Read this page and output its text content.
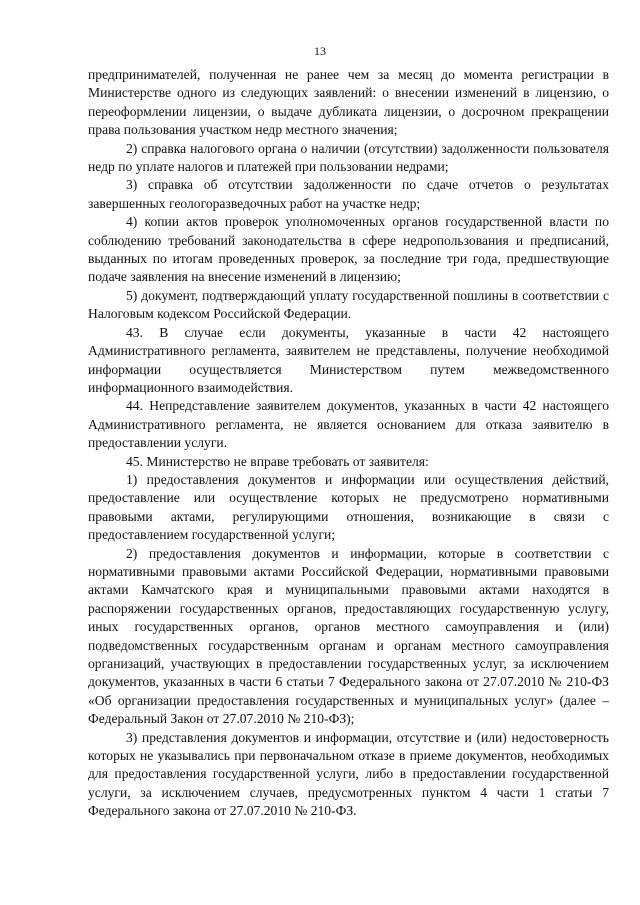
13

предпринимателей, полученная не ранее чем за месяц до момента регистрации в Министерстве одного из следующих заявлений: о внесении изменений в лицензию, о переоформлении лицензии, о выдаче дубликата лицензии, о досрочном прекращении права пользования участком недр местного значения;

2) справка налогового органа о наличии (отсутствии) задолженности пользователя недр по уплате налогов и платежей при пользовании недрами;

3) справка об отсутствии задолженности по сдаче отчетов о результатах завершенных геологоразведочных работ на участке недр;

4) копии актов проверок уполномоченных органов государственной власти по соблюдению требований законодательства в сфере недропользования и предписаний, выданных по итогам проведенных проверок, за последние три года, предшествующие подаче заявления на внесение изменений в лицензию;

5) документ, подтверждающий уплату государственной пошлины в соответствии с Налоговым кодексом Российской Федерации.

43. В случае если документы, указанные в части 42 настоящего Административного регламента, заявителем не представлены, получение необходимой информации осуществляется Министерством путем межведомственного информационного взаимодействия.

44. Непредставление заявителем документов, указанных в части 42 настоящего Административного регламента, не является основанием для отказа заявителю в предоставлении услуги.

45. Министерство не вправе требовать от заявителя:

1) предоставления документов и информации или осуществления действий, предоставление или осуществление которых не предусмотрено нормативными правовыми актами, регулирующими отношения, возникающие в связи с предоставлением государственной услуги;

2) предоставления документов и информации, которые в соответствии с нормативными правовыми актами Российской Федерации, нормативными правовыми актами Камчатского края и муниципальными правовыми актами находятся в распоряжении государственных органов, предоставляющих государственную услугу, иных государственных органов, органов местного самоуправления и (или) подведомственных государственным органам и органам местного самоуправления организаций, участвующих в предоставлении государственных услуг, за исключением документов, указанных в части 6 статьи 7 Федерального закона от 27.07.2010 № 210-ФЗ «Об организации предоставления государственных и муниципальных услуг» (далее – Федеральный Закон от 27.07.2010 № 210-ФЗ);

3) представления документов и информации, отсутствие и (или) недостоверность которых не указывались при первоначальном отказе в приеме документов, необходимых для предоставления государственной услуги, либо в предоставлении государственной услуги, за исключением случаев, предусмотренных пунктом 4 части 1 статьи 7 Федерального закона от 27.07.2010 № 210-ФЗ.
